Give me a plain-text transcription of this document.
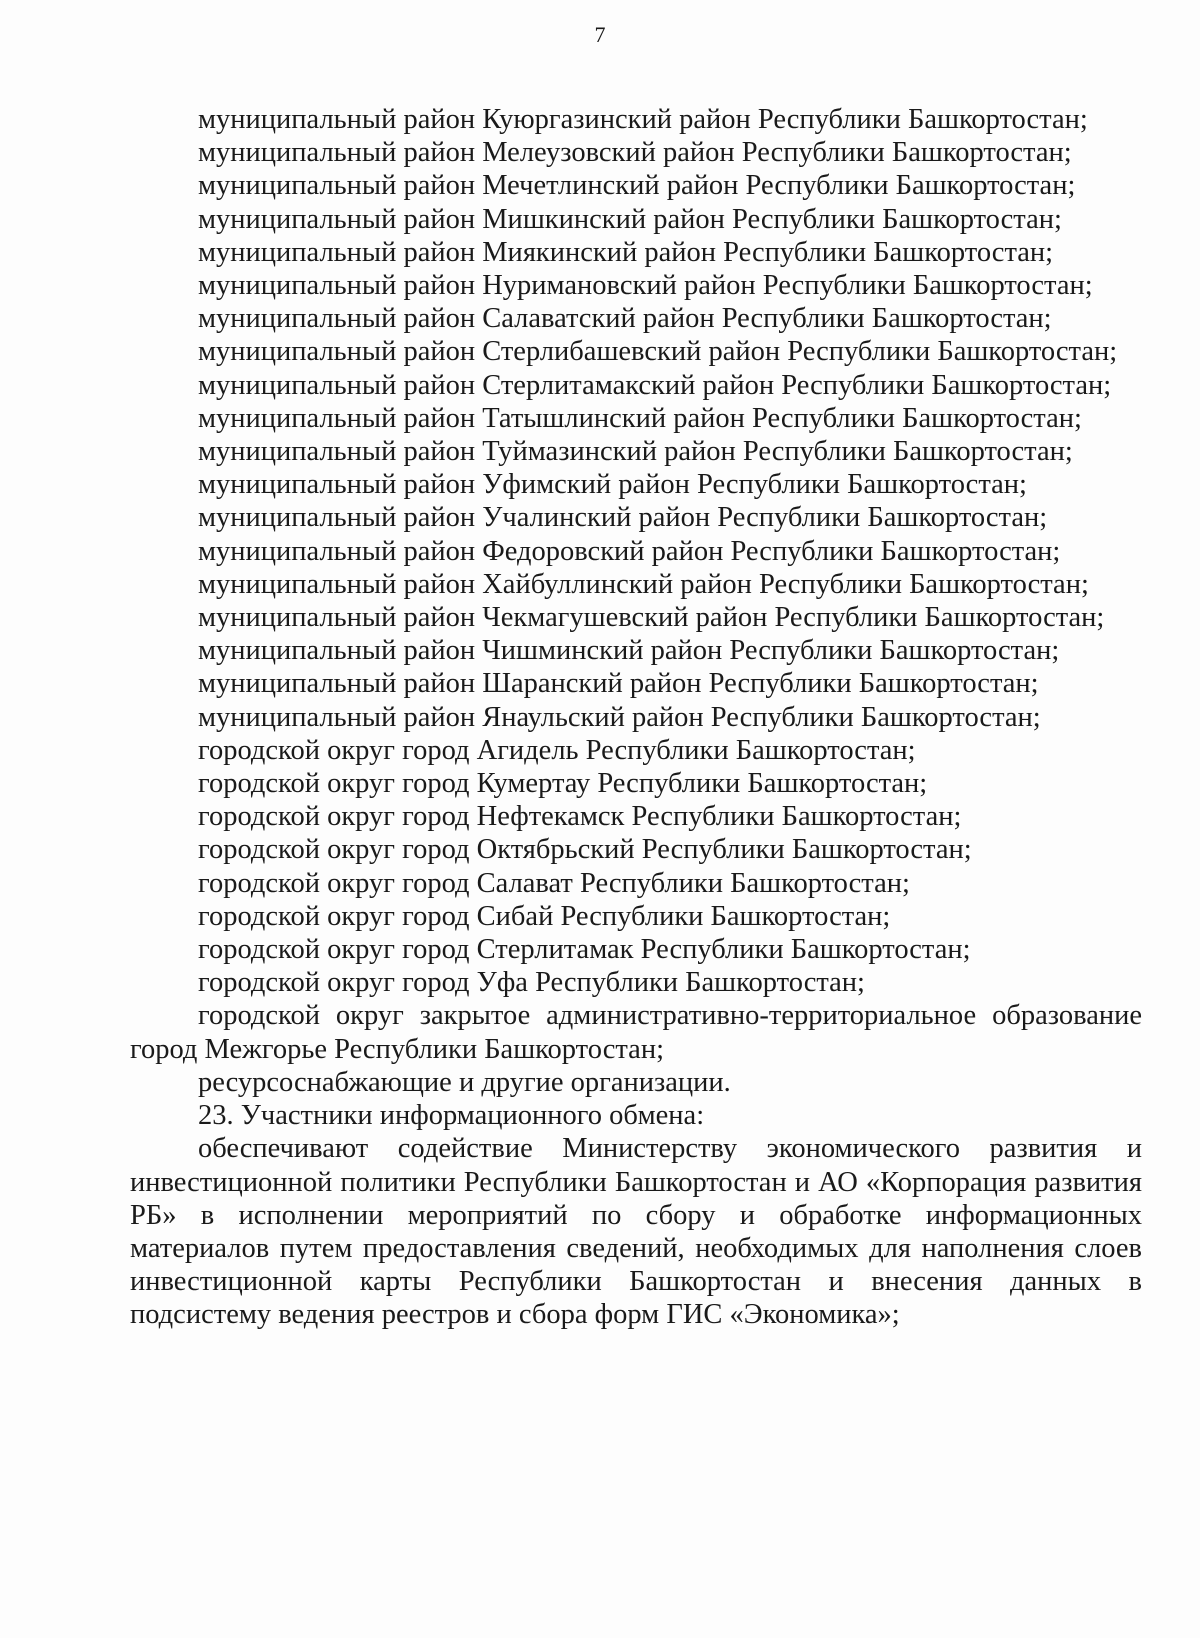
7

муниципальный район Куюргазинский район Республики Башкортостан;

муниципальный район Мелеузовский район Республики Башкортостан;

муниципальный район Мечетлинский район Республики Башкортостан;

муниципальный район Мишкинский район Республики Башкортостан;

муниципальный район Миякинский район Республики Башкортостан;

муниципальный район Нуримановский район Республики Башкортостан;

муниципальный район Салаватский район Республики Башкортостан;

муниципальный район Стерлибашевский район Республики Башкортостан;

муниципальный район Стерлитамакский район Республики Башкортостан;

муниципальный район Татышлинский район Республики Башкортостан;

муниципальный район Туймазинский район Республики Башкортостан;

муниципальный район Уфимский район Республики Башкортостан;

муниципальный район Учалинский район Республики Башкортостан;

муниципальный район Федоровский район Республики Башкортостан;

муниципальный район Хайбуллинский район Республики Башкортостан;

муниципальный район Чекмагушевский район Республики Башкортостан;

муниципальный район Чишминский район Республики Башкортостан;

муниципальный район Шаранский район Республики Башкортостан;

муниципальный район Янаульский район Республики Башкортостан;

городской округ город Агидель Республики Башкортостан;

городской округ город Кумертау Республики Башкортостан;

городской округ город Нефтекамск Республики Башкортостан;

городской округ город Октябрьский Республики Башкортостан;

городской округ город Салават Республики Башкортостан;

городской округ город Сибай Республики Башкортостан;

городской округ город Стерлитамак Республики Башкортостан;

городской округ город Уфа Республики Башкортостан;

городской округ закрытое административно-территориальное образование город Межгорье Республики Башкортостан;

ресурсоснабжающие и другие организации.

23. Участники информационного обмена:

обеспечивают содействие Министерству экономического развития и инвестиционной политики Республики Башкортостан и АО «Корпорация развития РБ» в исполнении мероприятий по сбору и обработке информационных материалов путем предоставления сведений, необходимых для наполнения слоев инвестиционной карты Республики Башкортостан и внесения данных в подсистему ведения реестров и сбора форм ГИС «Экономика»;
